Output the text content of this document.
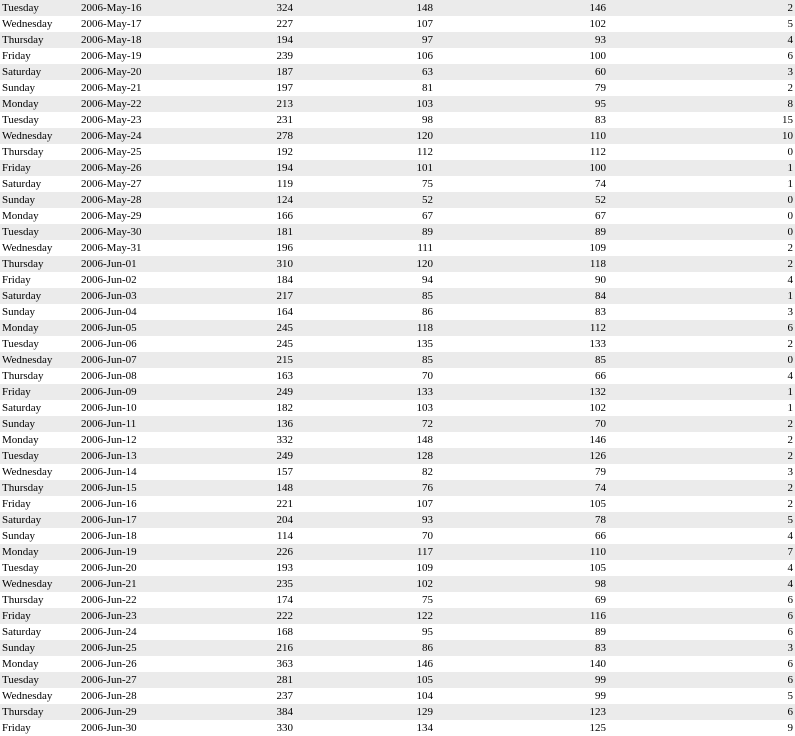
Tuesday	2006-May-16	324	148	146	2
Wednesday	2006-May-17	227	107	102	5
Thursday	2006-May-18	194	97	93	4
Friday	2006-May-19	239	106	100	6
Saturday	2006-May-20	187	63	60	3
Sunday	2006-May-21	197	81	79	2
Monday	2006-May-22	213	103	95	8
Tuesday	2006-May-23	231	98	83	15
Wednesday	2006-May-24	278	120	110	10
Thursday	2006-May-25	192	112	112	0
Friday	2006-May-26	194	101	100	1
Saturday	2006-May-27	119	75	74	1
Sunday	2006-May-28	124	52	52	0
Monday	2006-May-29	166	67	67	0
Tuesday	2006-May-30	181	89	89	0
Wednesday	2006-May-31	196	111	109	2
Thursday	2006-Jun-01	310	120	118	2
Friday	2006-Jun-02	184	94	90	4
Saturday	2006-Jun-03	217	85	84	1
Sunday	2006-Jun-04	164	86	83	3
Monday	2006-Jun-05	245	118	112	6
Tuesday	2006-Jun-06	245	135	133	2
Wednesday	2006-Jun-07	215	85	85	0
Thursday	2006-Jun-08	163	70	66	4
Friday	2006-Jun-09	249	133	132	1
Saturday	2006-Jun-10	182	103	102	1
Sunday	2006-Jun-11	136	72	70	2
Monday	2006-Jun-12	332	148	146	2
Tuesday	2006-Jun-13	249	128	126	2
Wednesday	2006-Jun-14	157	82	79	3
Thursday	2006-Jun-15	148	76	74	2
Friday	2006-Jun-16	221	107	105	2
Saturday	2006-Jun-17	204	93	78	5
Sunday	2006-Jun-18	114	70	66	4
Monday	2006-Jun-19	226	117	110	7
Tuesday	2006-Jun-20	193	109	105	4
Wednesday	2006-Jun-21	235	102	98	4
Thursday	2006-Jun-22	174	75	69	6
Friday	2006-Jun-23	222	122	116	6
Saturday	2006-Jun-24	168	95	89	6
Sunday	2006-Jun-25	216	86	83	3
Monday	2006-Jun-26	363	146	140	6
Tuesday	2006-Jun-27	281	105	99	6
Wednesday	2006-Jun-28	237	104	99	5
Thursday	2006-Jun-29	384	129	123	6
Friday	2006-Jun-30	330	134	125	9
